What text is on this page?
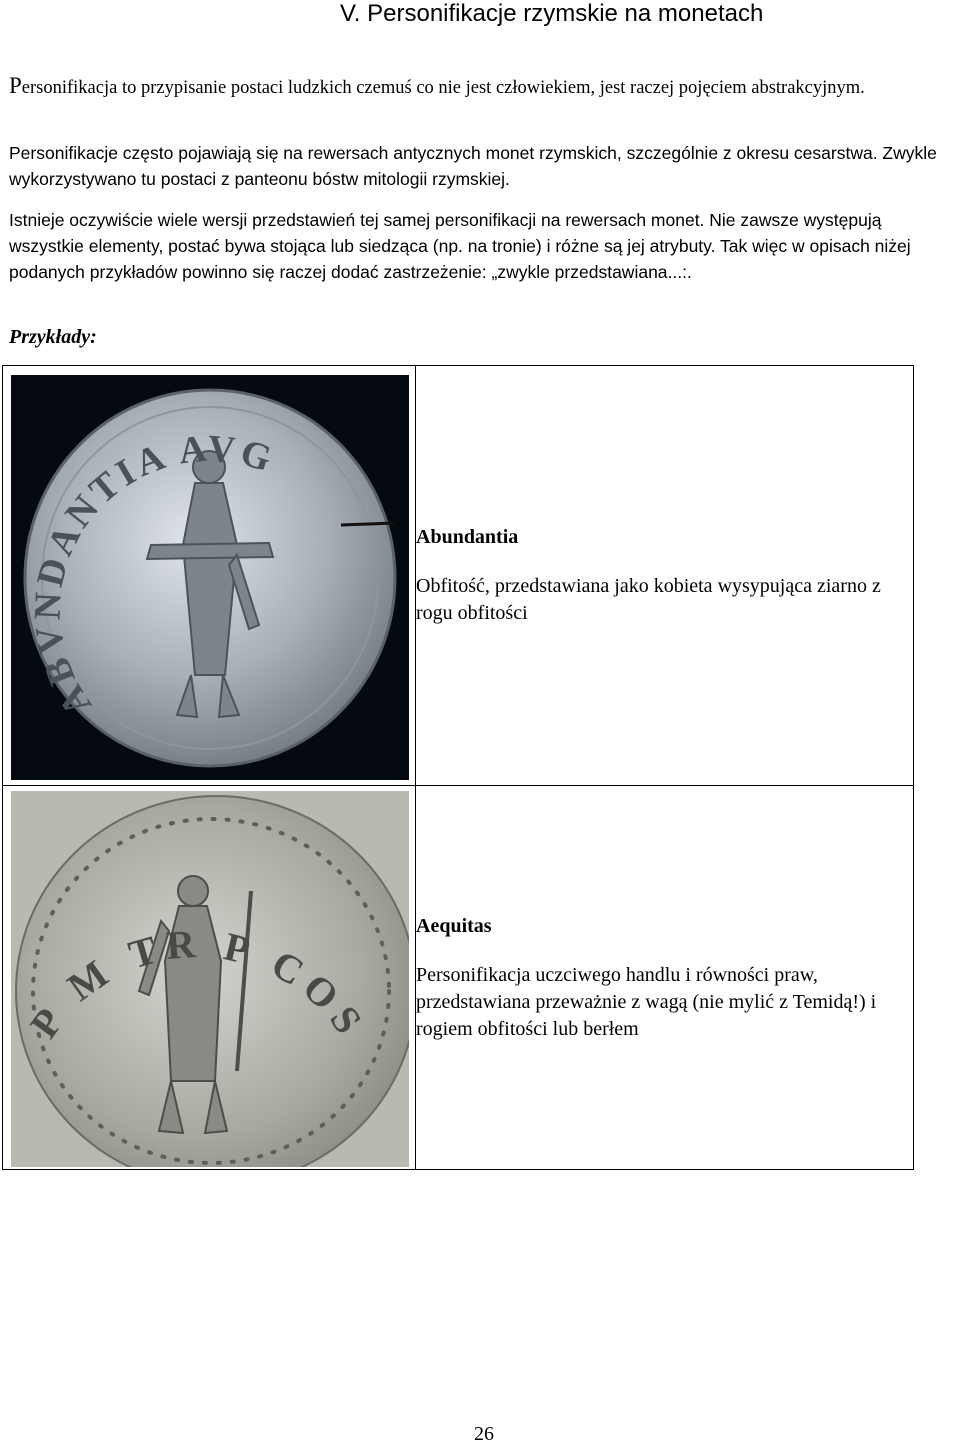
V. Personifikacje rzymskie na monetach
Personifikacja to przypisanie postaci ludzkich czemuś co nie jest człowiekiem, jest raczej pojęciem abstrakcyjnym.
Personifikacje często pojawiają się na rewersach antycznych monet rzymskich, szczególnie z okresu cesarstwa. Zwykle wykorzystywano tu postaci z panteonu bóstw mitologii rzymskiej.
Istnieje oczywiście wiele wersji przedstawień tej samej personifikacji na rewersach monet. Nie zawsze występują wszystkie elementy, postać bywa stojąca lub siedząca (np. na tronie) i różne są jej atrybuty. Tak więc w opisach niżej podanych przykładów powinno się raczej dodać zastrzeżenie: „zwykle przedstawiana...:.
Przykłady:
ABVNDANTIA AVG	Abundantia
Obfitość, przedstawiana jako kobieta wysypująca ziarno z rogu obfitości

P M TR P COS	Aequitas
Personifikacja uczciwego handlu i równości praw, przedstawiana przeważnie z wagą (nie mylić z Temidą!) i rogiem obfitości lub berłem
26
